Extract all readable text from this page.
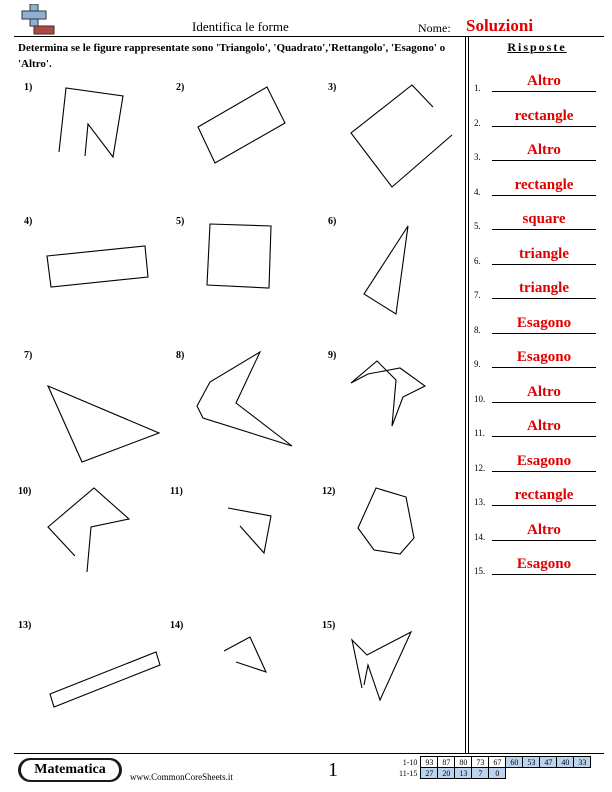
Identifica le forme	Nome: Soluzioni
Determina se le figure rappresentate sono 'Triangolo', 'Quadrato','Rettangolo', 'Esagono' o 'Altro'.
1)	2)	3)
4)	5)	6)
7)	8)	9)
10)	11)	12)
13)	14)	15)
Risposte
1.	Altro
2.	rectangle
3.	Altro
4.	rectangle
5.	square
6.	triangle
7.	triangle
8.	Esagono
9.	Esagono
10.	Altro
11.	Altro
12.	Esagono
13.	rectangle
14.	Altro
15.	Esagono
Matematica	www.CommonCoreSheets.it	1	1-10	93	87	80	73	67	60	53	47	40	33
11-15	27	20	13	7	0					
